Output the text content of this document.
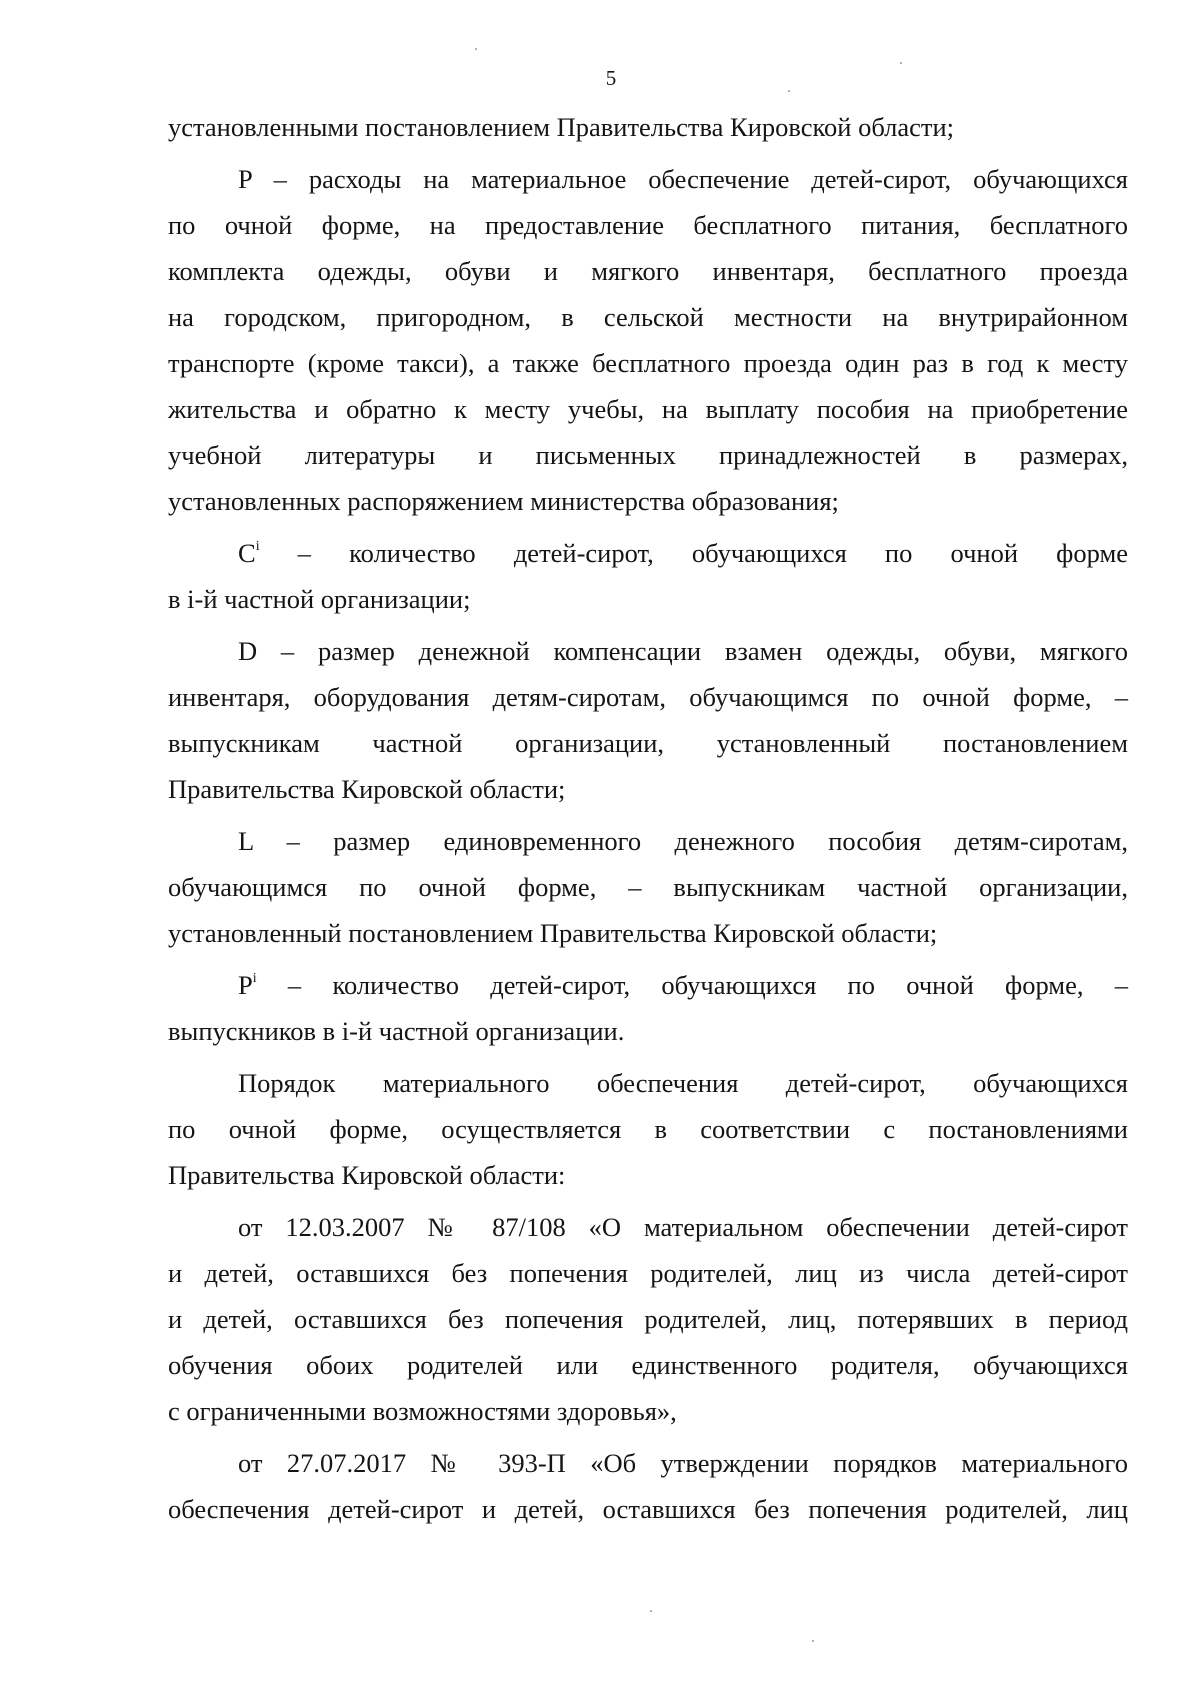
5
установленными постановлением Правительства Кировской области;
P – расходы на материальное обеспечение детей-сирот, обучающихся
по очной форме, на предоставление бесплатного питания, бесплатного
комплекта одежды, обуви и мягкого инвентаря, бесплатного проезда
на городском, пригородном, в сельской местности на внутрирайонном
транспорте (кроме такси), а также бесплатного проезда один раз в год к месту
жительства и обратно к месту учебы, на выплату пособия на приобретение
учебной литературы и письменных принадлежностей в размерах,
установленных распоряжением министерства образования;
$C^i$ – количество детей-сирот, обучающихся по очной форме
в i-й частной организации;
D – размер денежной компенсации взамен одежды, обуви, мягкого
инвентаря, оборудования детям-сиротам, обучающимся по очной форме, –
выпускникам частной организации, установленный постановлением
Правительства Кировской области;
L – размер единовременного денежного пособия детям-сиротам,
обучающимся по очной форме, – выпускникам частной организации,
установленный постановлением Правительства Кировской области;
$P^i$ – количество детей-сирот, обучающихся по очной форме, –
выпускников в i-й частной организации.
Порядок материального обеспечения детей-сирот, обучающихся
по очной форме, осуществляется в соответствии с постановлениями
Правительства Кировской области:
от 12.03.2007 № 87/108 «О материальном обеспечении детей-сирот
и детей, оставшихся без попечения родителей, лиц из числа детей-сирот
и детей, оставшихся без попечения родителей, лиц, потерявших в период
обучения обоих родителей или единственного родителя, обучающихся
с ограниченными возможностями здоровья»,
от 27.07.2017 № 393-П «Об утверждении порядков материального
обеспечения детей-сирот и детей, оставшихся без попечения родителей, лиц
